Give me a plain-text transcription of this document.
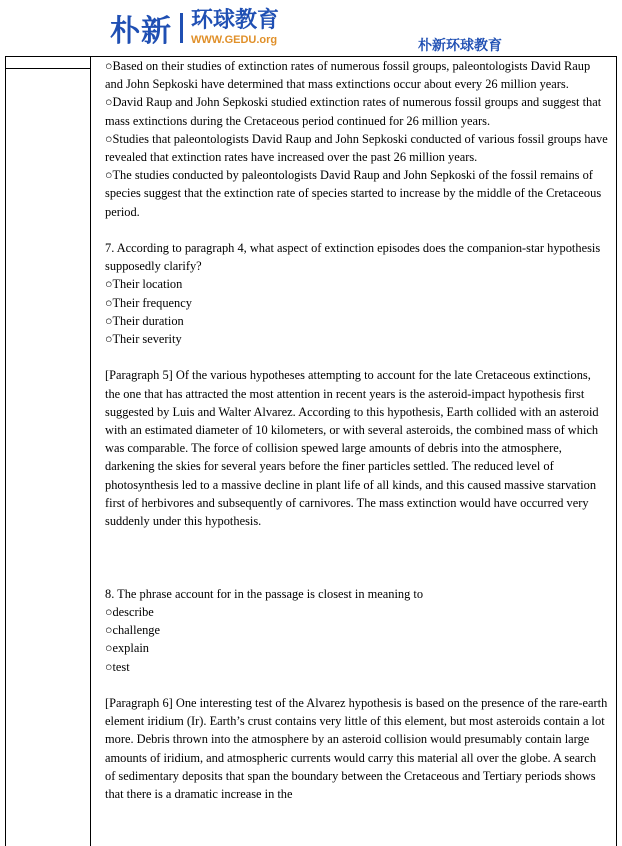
朴新 环球教育
WWW.GEDU.org	朴新环球教育

○Based on their studies of extinction rates of numerous fossil groups, paleontologists David Raup and John Sepkoski have determined that mass extinctions occur about every 26 million years.

○David Raup and John Sepkoski studied extinction rates of numerous fossil groups and suggest that mass extinctions during the Cretaceous period continued for 26 million years.

○Studies that paleontologists David Raup and John Sepkoski conducted of various fossil groups have revealed that extinction rates have increased over the past 26 million years.

○The studies conducted by paleontologists David Raup and John Sepkoski of the fossil remains of species suggest that the extinction rate of species started to increase by the middle of the Cretaceous period.

7. According to paragraph 4, what aspect of extinction episodes does the companion-star hypothesis supposedly clarify?

○Their location

○Their frequency

○Their duration

○Their severity

[Paragraph 5] Of the various hypotheses attempting to account for the late Cretaceous extinctions, the one that has attracted the most attention in recent years is the asteroid-impact hypothesis first suggested by Luis and Walter Alvarez. According to this hypothesis, Earth collided with an asteroid with an estimated diameter of 10 kilometers, or with several asteroids, the combined mass of which was comparable. The force of collision spewed large amounts of debris into the atmosphere, darkening the skies for several years before the finer particles settled. The reduced level of photosynthesis led to a massive decline in plant life of all kinds, and this caused massive starvation first of herbivores and subsequently of carnivores. The mass extinction would have occurred very suddenly under this hypothesis.

8. The phrase account for in the passage is closest in meaning to

○describe

○challenge

○explain

○test

[Paragraph 6] One interesting test of the Alvarez hypothesis is based on the presence of the rare-earth element iridium (Ir). Earth’s crust contains very little of this element, but most asteroids contain a lot more. Debris thrown into the atmosphere by an asteroid collision would presumably contain large amounts of iridium, and atmospheric currents would carry this material all over the globe. A search of sedimentary deposits that span the boundary between the Cretaceous and Tertiary periods shows that there is a dramatic increase in the
